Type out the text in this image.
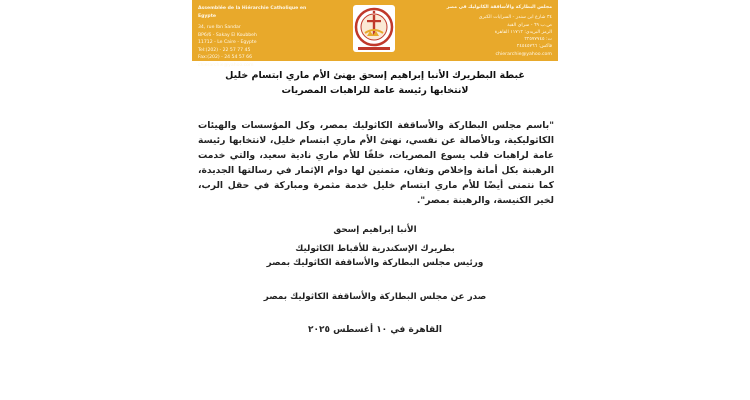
Assemblée de la Hiérarchie Catholique en Egypte
34, rue Ibn Sandar
BP6/6 - Sakay El Koubbeh
11712 - Le Caire - Egypte
Tel:(202) - 22 57 77 45
Fax:(202) - 24 54 57 66
chierarchie@yahoo.com
مجلس البطاركة والأساقفة الكاثوليك في مصر
٣٤ شارع ابن سندر - السرايات الكبرى
ص.ب ٦٩ - سراي القبة
الرمز البريدي: ١١٧١٢ القاهرة
ت: ٢٢٥٧٧٧٤٥
فاكس: ٢٤٥٤٥٧٦٦
chierarchie@yahoo.com
غبطة البطريرك الأنبا إبراهيم إسحق يهنئ الأم ماري ابتسام خليل
لانتخابها رئيسة عامة للراهبات المصريات
"باسم مجلس البطاركة والأساقفة الكاثوليك بمصر، وكل المؤسسات والهيئات الكاثوليكية، وبالأصالة عن نفسي، نهنئ الأم ماري ابتسام خليل، لانتخابها رئيسة عامة لراهبات قلب يسوع المصريات، خلفًا للأم ماري نادية سعيد، والتي خدمت الرهبنة بكل أمانة وإخلاص وتفان، متمنين لها دوام الإثمار في رسالتها الجديدة، كما نتمنى أيضًا للأم ماري ابتسام خليل خدمة مثمرة ومباركة في حقل الرب، لخير الكنيسة، والرهبنة بمصر".
الأنبا إبراهيم إسحق
بطريرك الإسكندرية للأقباط الكاثوليك
ورئيس مجلس البطاركة والأساقفة الكاثوليك بمصر
صدر عن مجلس البطاركة والأساقفة الكاثوليك بمصر
القاهرة في ١٠ أغسطس ٢٠٢٥
